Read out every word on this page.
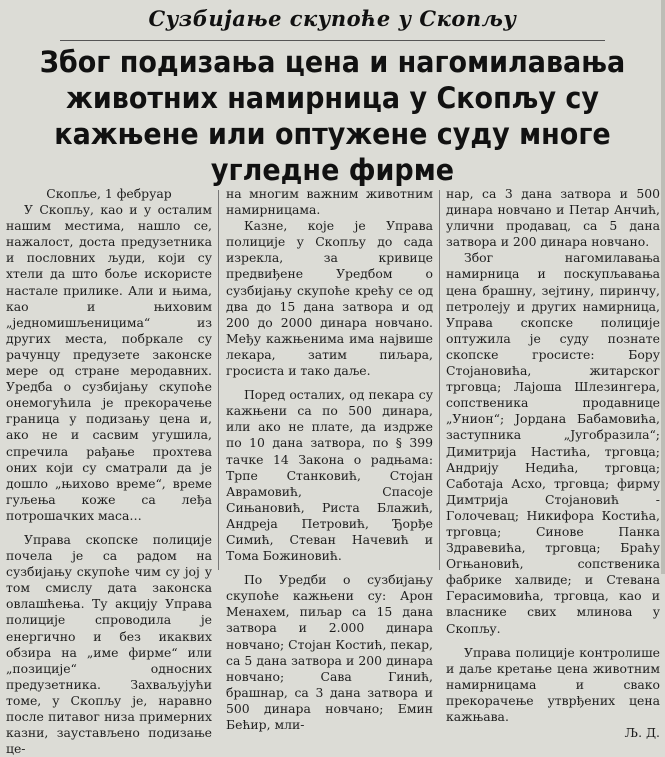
Сузбијање скупоће у Скопљу
Због подизања цена и нагомилавања
животних намирница у Скопљу су
кажњене или оптужене суду многе
угледне фирме

Скопље, 1 фебруар

У Скопљу, као и у осталим нашим местима, нашло се, нажалост, доста предузетника и пословних људи, који су хтели да што боље искористе настале прилике. Али и њима, као и њиховим „једномишљеницима“ из других места, побркале су рачунцу предузете законске мере од стране меродавних. Уредба о сузбијању скупоће онемогућила је прекорачење граница у подизању цена и, ако не и сасвим угушила, спречила рађање прохтева оних који су сматрали да је дошло „њихово време“, време гуљења коже са леђа потрошачких маса…

Управа скопске полиције почела је са радом на сузбијању скупоће чим су јој у том смислу дата законска овлашћења. Ту акцију Управа полиције спроводила је енергично и без икаквих обзира на „име фирме“ или „позиције“ односних предузетника. Захваљујући томе, у Скопљу је, наравно после питавог низа примерних казни, заустављено подизање це-

на многим важним животним намирницама.

Казне, које је Управа полиције у Скопљу до сада изрекла, за кривице предвиђене Уредбом о сузбијању скупоће крећу се од два до 15 дана затвора и од 200 до 2000 динара новчано. Међу кажњенима има највише лекара, затим пиљара, гросиста и тако даље.

Поред осталих, од пекара су кажњени са по 500 динара, или ако не плате, да издрже по 10 дана затвора, по § 399 тачке 14 Закона о радњама: Трпе Станковић, Стојан Аврамовић, Спасоје Сињановић, Риста Блажић, Андреја Петровић, Ђорђе Симић, Стеван Начевић и Тома Божиновић.

По Уредби о сузбијању скупоће кажњени су: Арон Менахем, пиљар са 15 дана затвора и 2.000 динара новчано; Стојан Костић, пекар, са 5 дана затвора и 200 динара новчано; Сава Гинић, брашнар, са 3 дана затвора и 500 динара новчано; Емин Бећир, мли-

нар, са 3 дана затвора и 500 динара новчано и Петар Анчић, улични продавац, са 5 дана затвора и 200 динара новчано.

Због нагомилавања намирница и поскупљавања цена брашну, зејтину, пиринчу, петролеју и других намирница, Управа скопске полиције оптужила је суду познате скопске гросисте: Бору Стојановића, житарског трговца; Лајоша Шлезингера, сопственика продавнице „Унион“; Јордана Бабамовића, заступника „Југобразила“; Димитрија Настића, трговца; Андрију Недића, трговца; Саботаја Асхо, трговца; фирму Димтрија Стојановић - Голочевац; Никифора Костића, трговца; Синове Панка Здравевића, трговца; Браћу Огњановић, сопственика фабрике халвиде; и Стевана Герасимовића, трговца, као и власнике свих млинова у Скопљу.

Управа полиције контролише и даље кретање цена животним намирницама и свако прекорачење утврђених цена кажњава.

Љ. Д.
